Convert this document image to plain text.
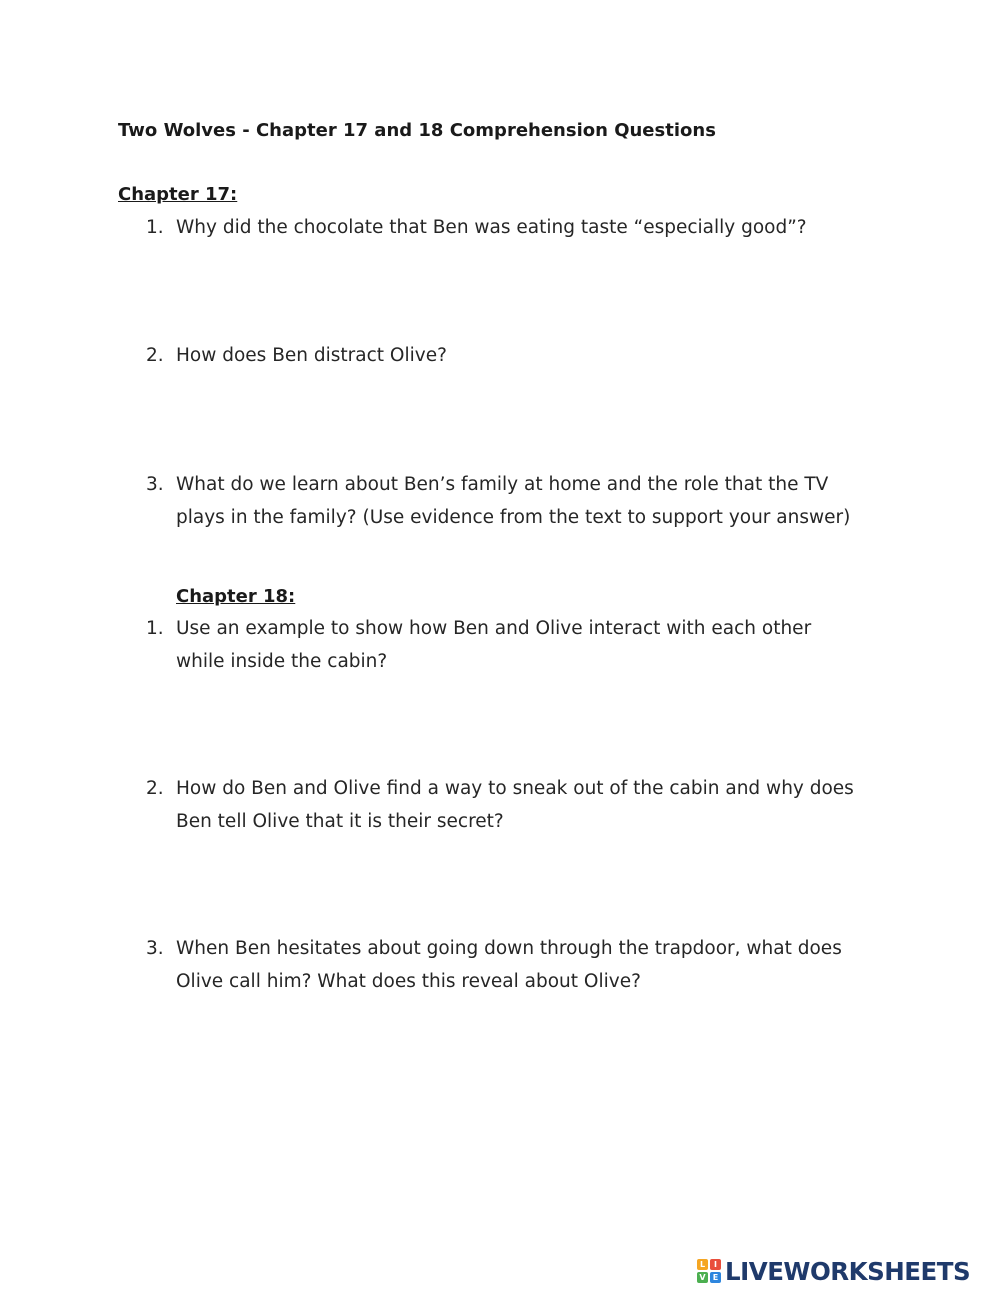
Two Wolves - Chapter 17 and 18 Comprehension Questions
Chapter 17:
1. Why did the chocolate that Ben was eating taste “especially good”?
2. How does Ben distract Olive?
3. What do we learn about Ben’s family at home and the role that the TV
plays in the family? (Use evidence from the text to support your answer)
Chapter 18:
1. Use an example to show how Ben and Olive interact with each other
while inside the cabin?
2. How do Ben and Olive find a way to sneak out of the cabin and why does
Ben tell Olive that it is their secret?
3. When Ben hesitates about going down through the trapdoor, what does
Olive call him? What does this reveal about Olive?
L	I
V E LIVEWORKSHEETS
